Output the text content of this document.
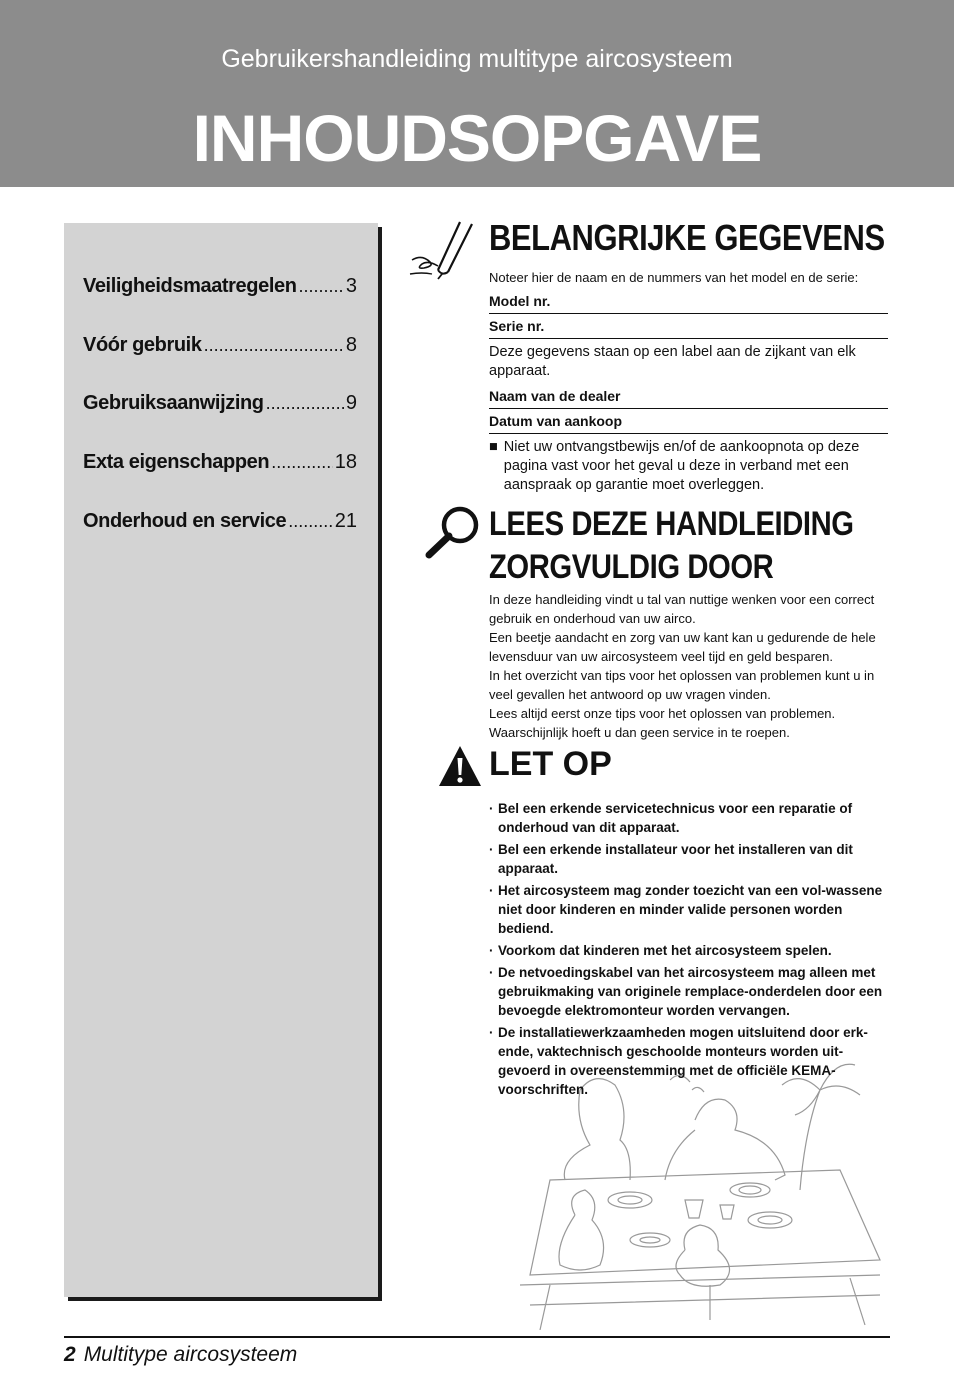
Gebruikershandleiding multitype aircosysteem
INHOUDSOPGAVE
Veiligheidsmaatregelen ..... 3
Vóór gebruik .....	8
Gebruiksaanwijzing .....	9
Exta eigenschappen .....	18
Onderhoud en service ..... 21
BELANGRIJKE GEGEVENS
Noteer hier de naam en de nummers van het model en de serie:
Model nr.
Serie nr.
Deze gegevens staan op een label aan de zijkant van elk apparaat.
Naam van de dealer
Datum van aankoop
■ Niet uw ontvangstbewijs en/of de aankoopnota op deze pagina vast voor het geval u deze in verband met een aanspraak op garantie moet overleggen.
LEES DEZE HANDLEIDING
ZORGVULDIG DOOR

In deze handleiding vindt u tal van nuttige wenken voor een correct gebruik en onderhoud van uw airco.

Een beetje aandacht en zorg van uw kant kan u gedurende de hele levensduur van uw aircosysteem veel tijd en geld besparen.

In het overzicht van tips voor het oplossen van problemen kunt u in veel gevallen het antwoord op uw vragen vinden.

Lees altijd eerst onze tips voor het oplossen van problemen. Waarschijnlijk hoeft u dan geen service in te roepen.

LET OP
· Bel een erkende servicetechnicus voor een reparatie of onderhoud van dit apparaat.
· Bel een erkende installateur voor het installeren van dit apparaat.
· Het aircosysteem mag zonder toezicht van een vol-wassene niet door kinderen en minder valide personen worden bediend.
· Voorkom dat kinderen met het aircosysteem spelen.
· De netvoedingskabel van het aircosysteem mag alleen met gebruikmaking van originele remplace-onderdelen door een bevoegde elektromonteur worden vervangen.
· De installatiewerkzaamheden mogen uitsluitend door erk-ende, vaktechnisch geschoolde monteurs worden uit-gevoerd in overeenstemming met de officiële KEMA-voorschriften.
2 Multitype aircosysteem
